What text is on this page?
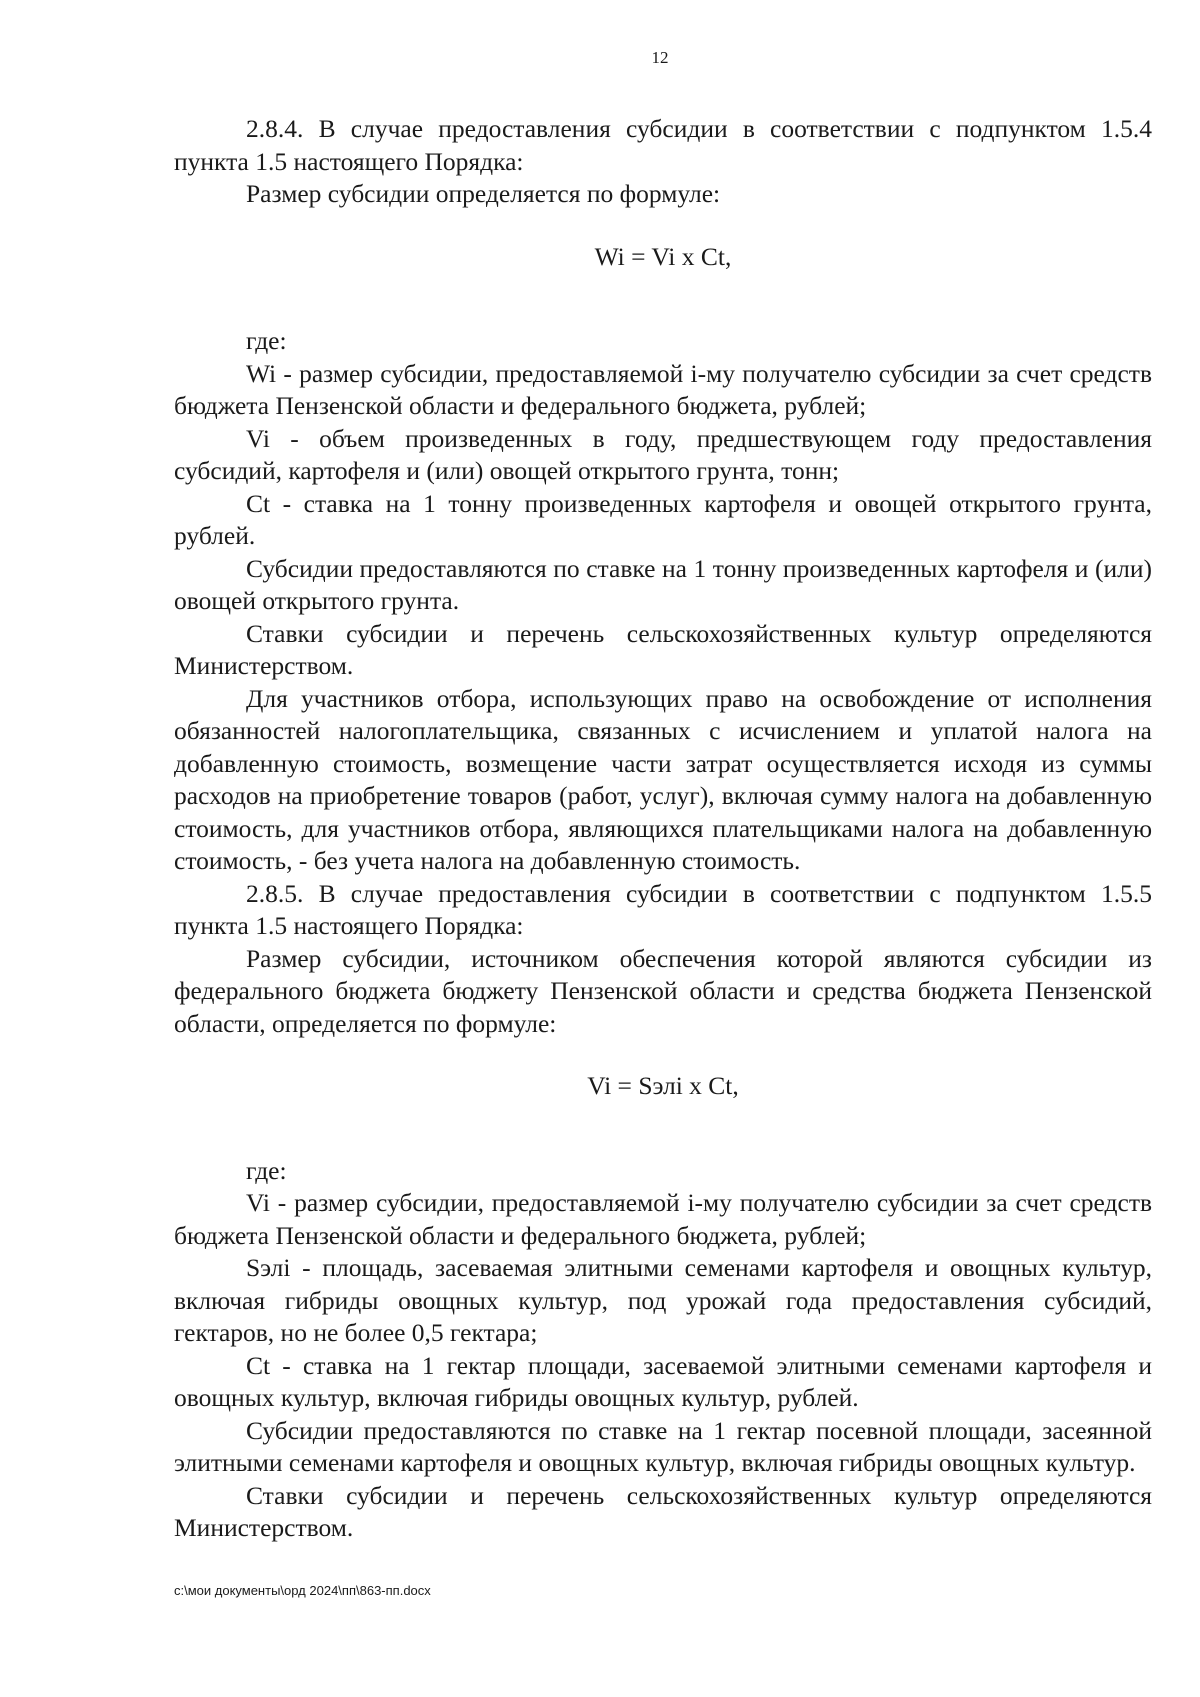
12

2.8.4. В случае предоставления субсидии в соответствии с подпунктом 1.5.4 пункта 1.5 настоящего Порядка:

Размер субсидии определяется по формуле:

Wi = Vi x Ct,

где:

Wi - размер субсидии, предоставляемой i-му получателю субсидии за счет средств бюджета Пензенской области и федерального бюджета, рублей;

Vi - объем произведенных в году, предшествующем году предоставления субсидий, картофеля и (или) овощей открытого грунта, тонн;

Ct - ставка на 1 тонну произведенных картофеля и овощей открытого грунта, рублей.

Субсидии предоставляются по ставке на 1 тонну произведенных картофеля и (или) овощей открытого грунта.

Ставки субсидии и перечень сельскохозяйственных культур определяются Министерством.

Для участников отбора, использующих право на освобождение от исполнения обязанностей налогоплательщика, связанных с исчислением и уплатой налога на добавленную стоимость, возмещение части затрат осуществляется исходя из суммы расходов на приобретение товаров (работ, услуг), включая сумму налога на добавленную стоимость, для участников отбора, являющихся плательщиками налога на добавленную стоимость, - без учета налога на добавленную стоимость.

2.8.5. В случае предоставления субсидии в соответствии с подпунктом 1.5.5 пункта 1.5 настоящего Порядка:

Размер субсидии, источником обеспечения которой являются субсидии из федерального бюджета бюджету Пензенской области и средства бюджета Пензенской области, определяется по формуле:

Vi = Sэлi x Ct,

где:

Vi - размер субсидии, предоставляемой i-му получателю субсидии за счет средств бюджета Пензенской области и федерального бюджета, рублей;

Sэлi - площадь, засеваемая элитными семенами картофеля и овощных культур, включая гибриды овощных культур, под урожай года предоставления субсидий, гектаров, но не более 0,5 гектара;

Ct - ставка на 1 гектар площади, засеваемой элитными семенами картофеля и овощных культур, включая гибриды овощных культур, рублей.

Субсидии предоставляются по ставке на 1 гектар посевной площади, засеянной элитными семенами картофеля и овощных культур, включая гибриды овощных культур.

Ставки субсидии и перечень сельскохозяйственных культур определяются Министерством.

c:\мои документы\орд 2024\пп\863-пп.docx
